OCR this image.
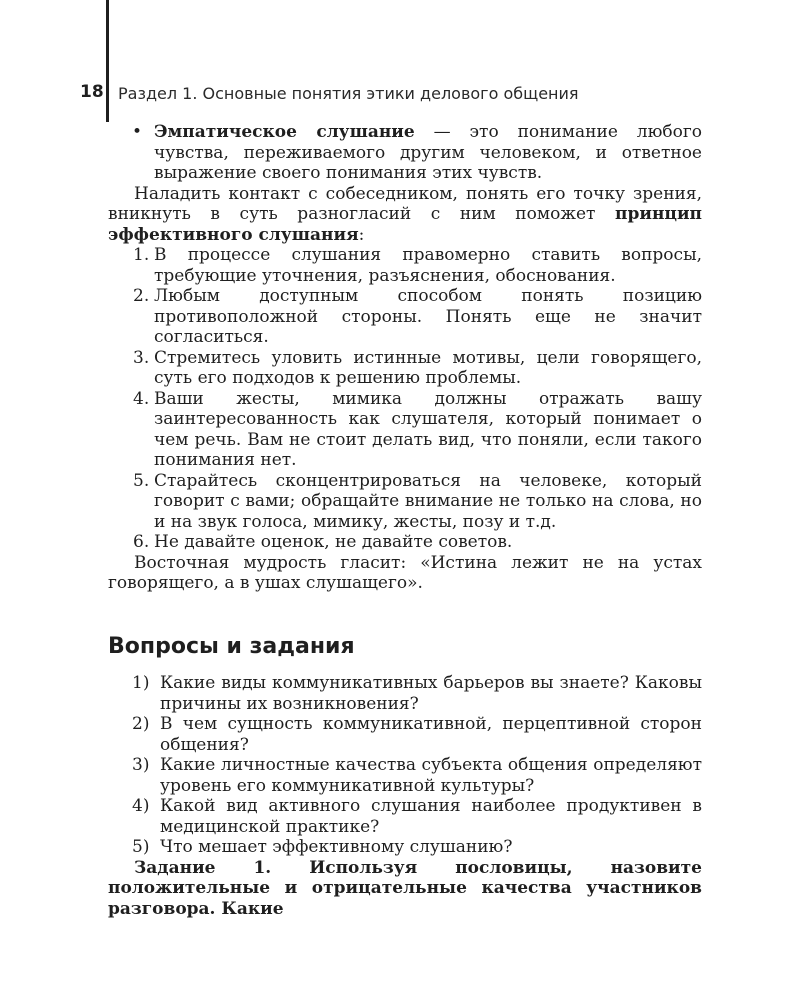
18 Раздел 1. Основные понятия этики делового общения
• Эмпатическое слушание — это понимание любого чувства, переживаемого другим человеком, и ответное выражение своего понимания этих чувств.
Наладить контакт с собеседником, понять его точку зрения, вникнуть в суть разногласий с ним поможет принцип эффективного слушания:
1. В процессе слушания правомерно ставить вопросы, требующие уточнения, разъяснения, обоснования.
2. Любым доступным способом понять позицию противоположной стороны. Понять еще не значит согласиться.
3. Стремитесь уловить истинные мотивы, цели говорящего, суть его подходов к решению проблемы.
4. Ваши жесты, мимика должны отражать вашу заинтересованность как слушателя, который понимает о чем речь. Вам не стоит делать вид, что поняли, если такого понимания нет.
5. Старайтесь сконцентрироваться на человеке, который говорит с вами; обращайте внимание не только на слова, но и на звук голоса, мимику, жесты, позу и т.д.
6. Не давайте оценок, не давайте советов.
Восточная мудрость гласит: «Истина лежит не на устах говорящего, а в ушах слушащего».
Вопросы и задания
1) Какие виды коммуникативных барьеров вы знаете? Каковы причины их возникновения?
2) В чем сущность коммуникативной, перцептивной сторон общения?
3) Какие личностные качества субъекта общения определяют уровень его коммуникативной культуры?
4) Какой вид активного слушания наиболее продуктивен в медицинской практике?
5) Что мешает эффективному слушанию?
Задание 1. Используя пословицы, назовите положительные и отрицательные качества участников разговора. Какие
